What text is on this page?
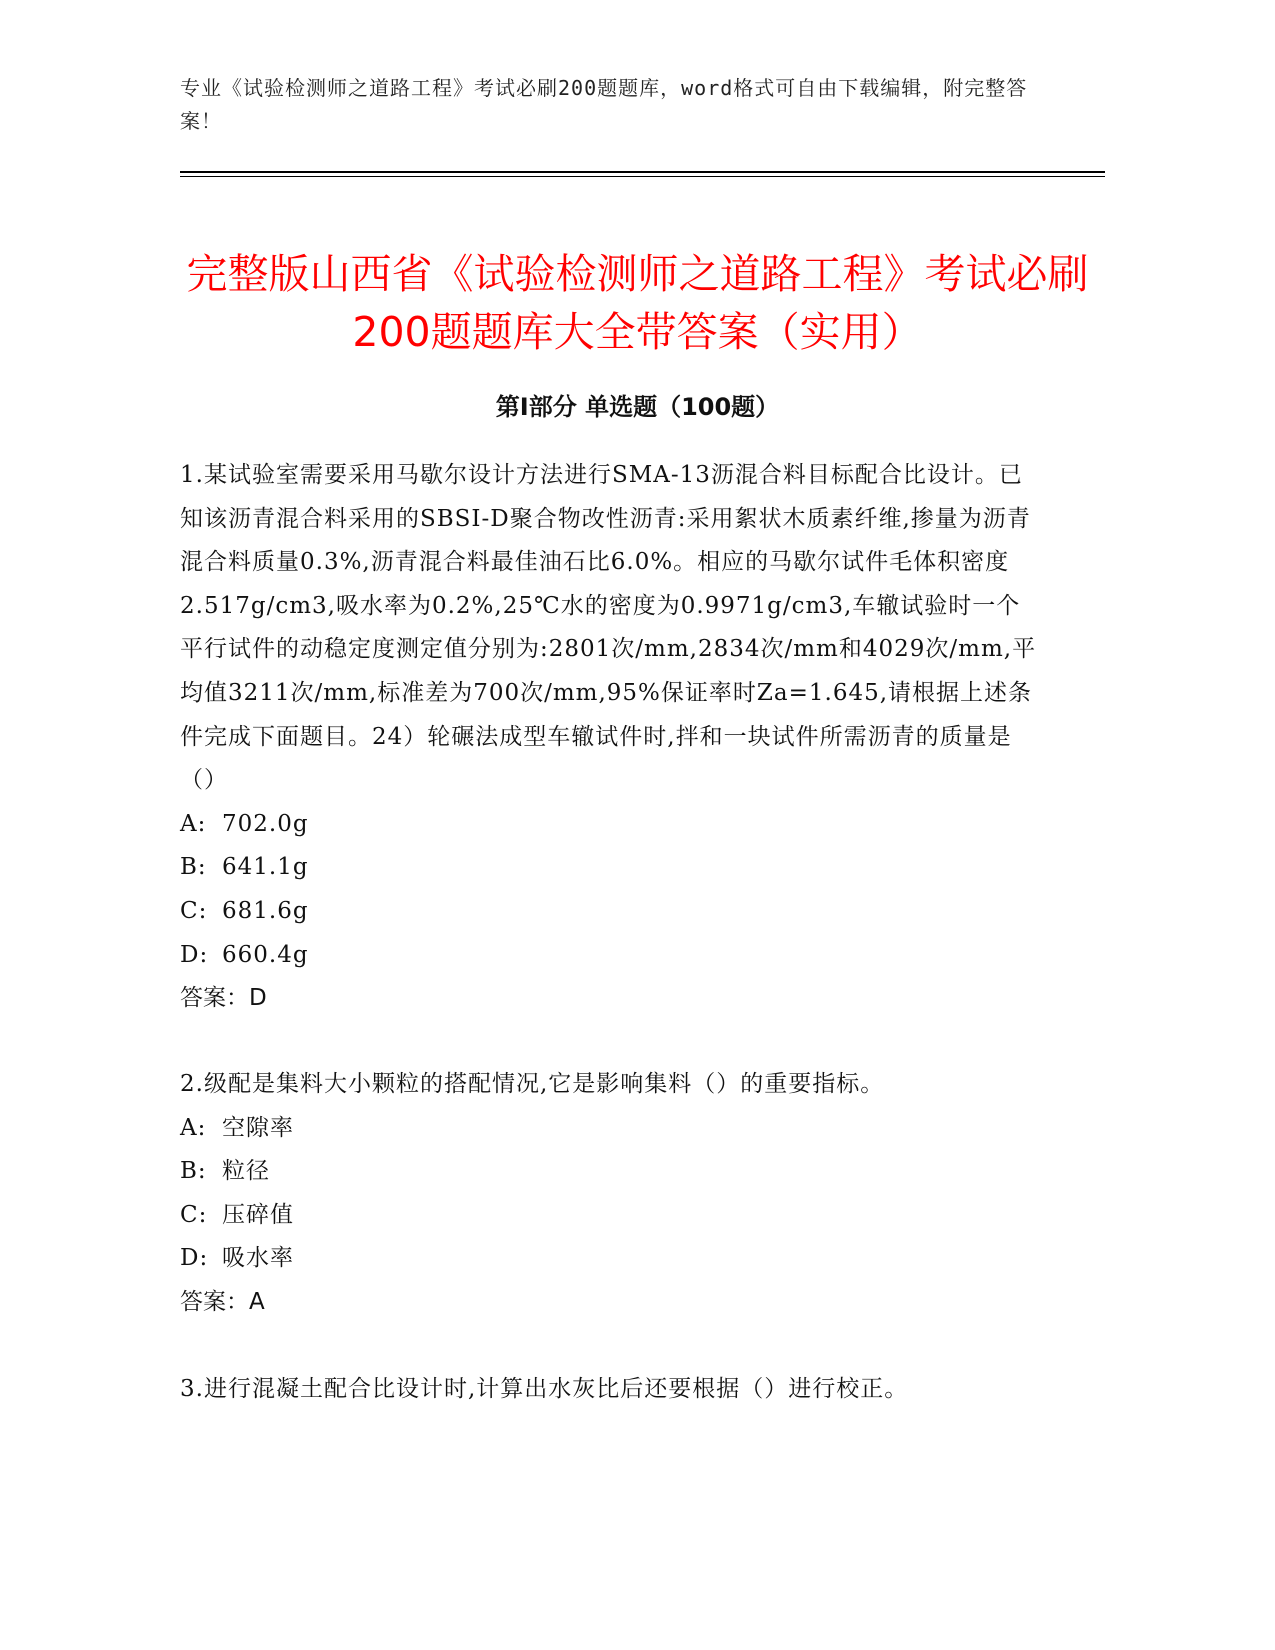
专业《试验检测师之道路工程》考试必刷200题题库，word格式可自由下载编辑，附完整答案！
完整版山西省《试验检测师之道路工程》考试必刷200题题库大全带答案（实用）
第Ⅰ部分 单选题（100题）

1.某试验室需要采用马歇尔设计方法进行SMA-13沥混合料目标配合比设计。已知该沥青混合料采用的SBSI-D聚合物改性沥青:采用絮状木质素纤维,掺量为沥青混合料质量0.3%,沥青混合料最佳油石比6.0%。相应的马歇尔试件毛体积密度2.517g/cm3,吸水率为0.2%,25℃水的密度为0.9971g/cm3,车辙试验时一个平行试件的动稳定度测定值分别为:2801次/mm,2834次/mm和4029次/mm,平均值3211次/mm,标准差为700次/mm,95%保证率时Za=1.645,请根据上述条件完成下面题目。24）轮碾法成型车辙试件时,拌和一块试件所需沥青的质量是（）

A: 702.0g
B: 641.1g
C: 681.6g
D: 660.4g
答案：D

2.级配是集料大小颗粒的搭配情况,它是影响集料（）的重要指标。

A: 空隙率
B: 粒径
C: 压碎值
D: 吸水率
答案：A

3.进行混凝土配合比设计时,计算出水灰比后还要根据（）进行校正。
